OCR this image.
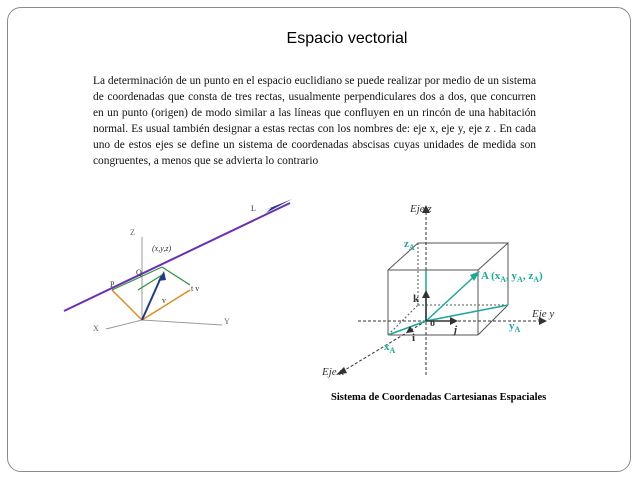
Espacio vectorial
La determinación de un punto en el espacio euclidiano se puede realizar por medio de un sistema de coordenadas que consta de tres rectas, usualmente perpendiculares dos a dos, que concurren en un punto (origen) de modo similar a las líneas que confluyen en un rincón de una habitación normal. Es usual también designar a estas rectas con los nombres de: eje x, eje y, eje z . En cada uno de estos ejes se define un sistema de coordenadas abscisas cuyas unidades de medida son congruentes, a menos que se advierta lo contrario
Z
Y
X
L
(x,y,z)
Q
P	t v
v
Eje z
Eje y
Eje x
$z_A$
$y_A$
$x_A$
A ($x_A$, $y_A$, $z_A$)
k
j
i
o
Sistema de Coordenadas Cartesianas Espaciales
